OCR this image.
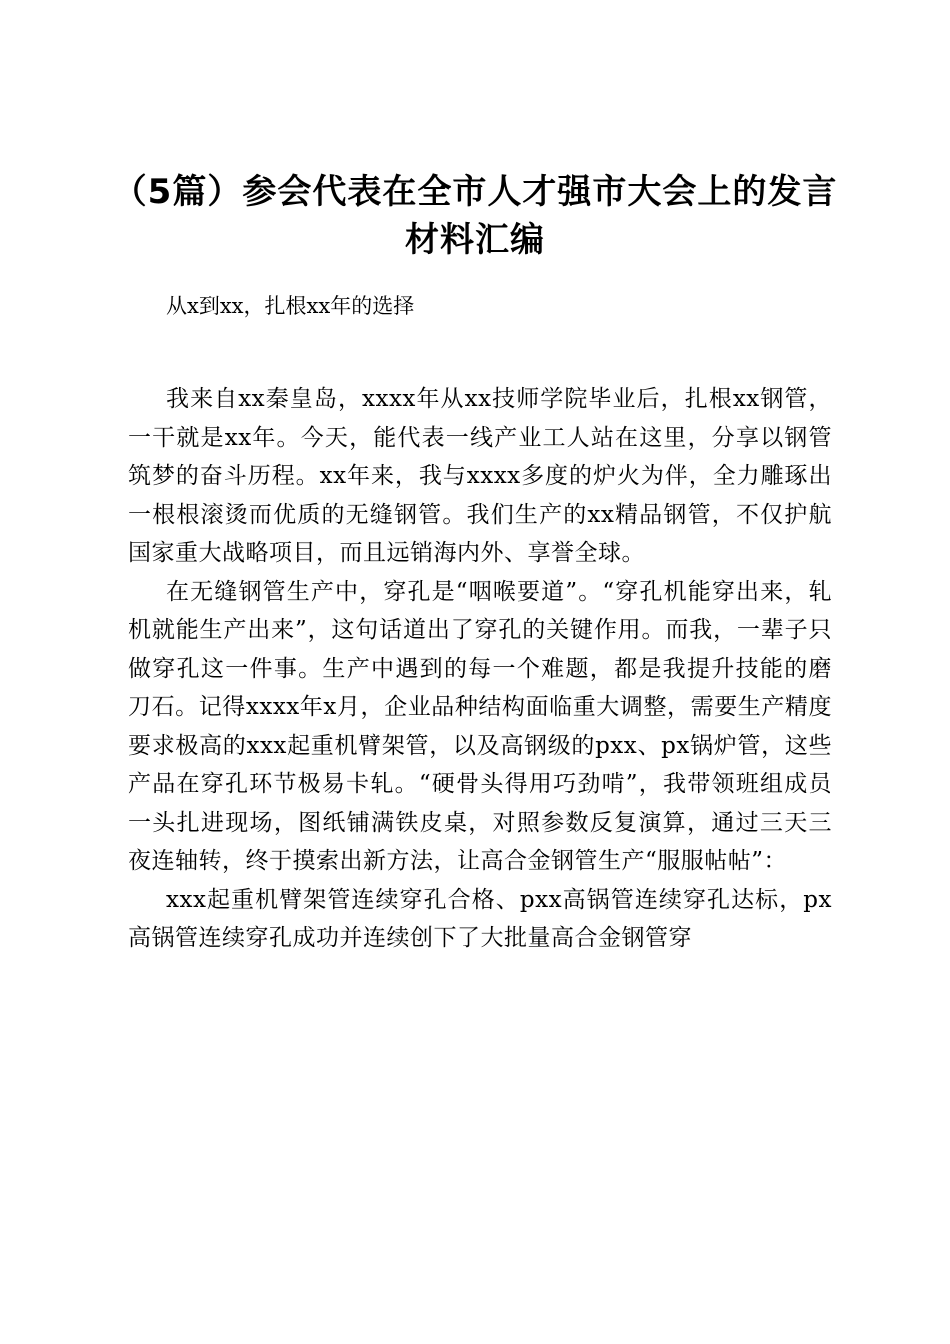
（5篇）参会代表在全市人才强市大会上的发言材料汇编

从x到xx，扎根xx年的选择

我来自xx秦皇岛，xxxx年从xx技师学院毕业后，扎根xx钢管，一干就是xx年。今天，能代表一线产业工人站在这里，分享以钢管筑梦的奋斗历程。xx年来，我与xxxx多度的炉火为伴，全力雕琢出一根根滚烫而优质的无缝钢管。我们生产的xx精品钢管，不仅护航国家重大战略项目，而且远销海内外、享誉全球。

在无缝钢管生产中，穿孔是“咽喉要道”。“穿孔机能穿出来，轧机就能生产出来”，这句话道出了穿孔的关键作用。而我，一辈子只做穿孔这一件事。生产中遇到的每一个难题，都是我提升技能的磨刀石。记得xxxx年x月，企业品种结构面临重大调整，需要生产精度要求极高的xxx起重机臂架管，以及高钢级的pxx、px锅炉管，这些产品在穿孔环节极易卡轧。“硬骨头得用巧劲啃”，我带领班组成员一头扎进现场，图纸铺满铁皮桌，对照参数反复演算，通过三天三夜连轴转，终于摸索出新方法，让高合金钢管生产“服服帖帖”：

xxx起重机臂架管连续穿孔合格、pxx高锅管连续穿孔达标，px高锅管连续穿孔成功并连续创下了大批量高合金钢管穿
